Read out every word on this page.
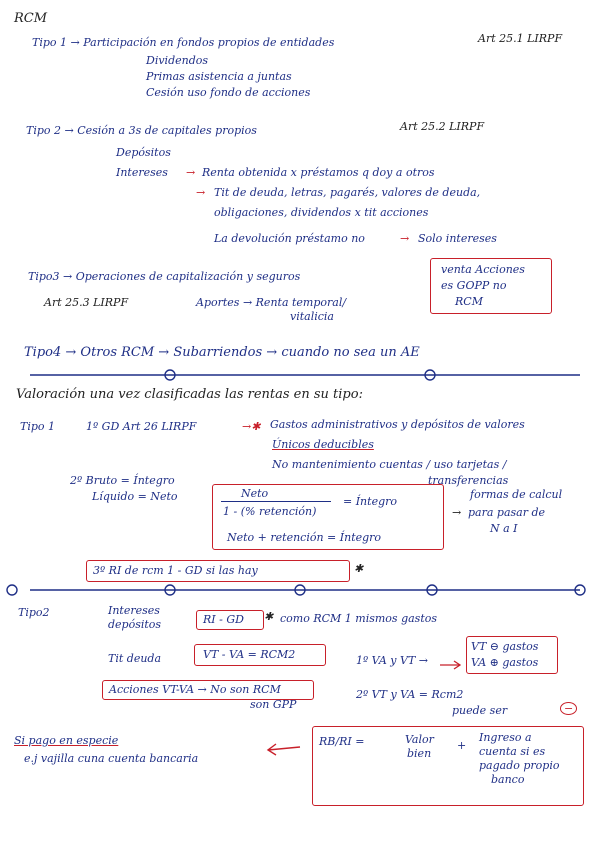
RCM
Tipo 1 → Participación en fondos propios de entidades	Art 25.1 LIRPF
Dividendos
Primas asistencia a juntas
Cesión uso fondo de acciones
Tipo 2 → Cesión a 3s de capitales propios	Art 25.2 LIRPF
Depósitos
Intereses → Renta obtenida x préstamos q doy a otros
→ Tit de deuda, letras, pagarés, valores de deuda,
obligaciones, dividendos x tit acciones
La devolución préstamo no	→ Solo intereses
Tipo3 → Operaciones de capitalización y seguros
Art 25.3 LIRPF	Aportes → Renta temporal/
vitalicia
venta Acciones
es GOPP no
RCM
Tipo4 → Otros RCM → Subarriendos → cuando no sea un AE
Valoración una vez clasificadas las rentas en su tipo:
Tipo 1	1º GD Art 26 LIRPF	→✱ Gastos administrativos y depósitos de valores
Únicos deducibles
No mantenimiento cuentas / uso tarjetas /
transferencias
2º Bruto = Íntegro
Líquido = Neto	Neto
1 - (% retención)
= Íntegro
Neto + retención = Íntegro
formas de calcul
→ para pasar de
N a I
3º RI de rcm 1 - GD si las hay	✱
Tipo2	Intereses
depósitos	RI - GD ✱ como RCM 1 mismos gastos
Tit deuda	VT - VA = RCM2	1º VA y VT →
VT ⊖ gastos
VA ⊕ gastos
Acciones VT-VA → No son RCM
son GPP
2º VT y VA = Rcm2
puede ser	−
Si pago en especie
e.j vajilla cuna cuenta bancaria
RB/RI =	Valor
bien
+
Ingreso a
cuenta si es
pagado propio
banco
